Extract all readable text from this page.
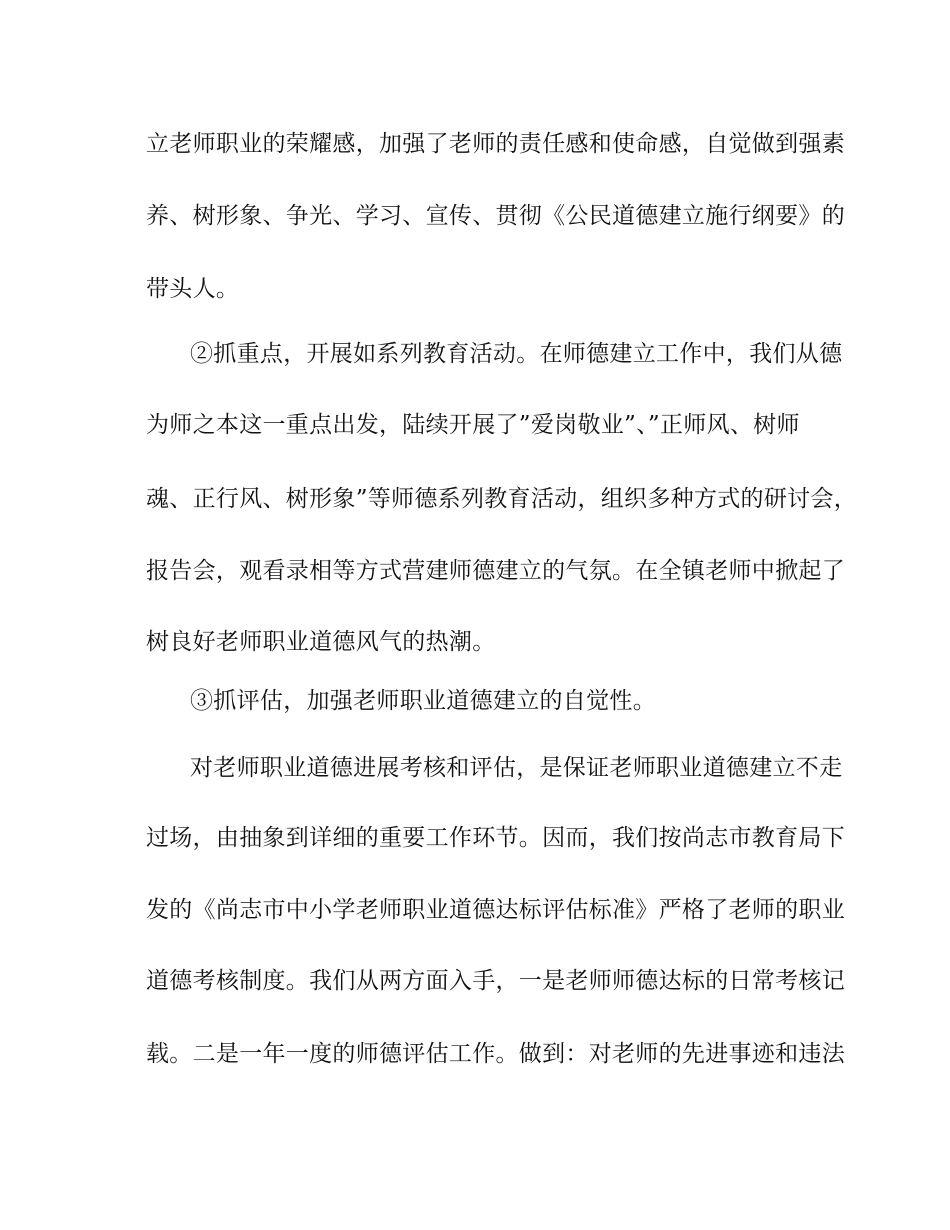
立老师职业的荣耀感，加强了老师的责任感和使命感，自觉做到强素
养、树形象、争光、学习、宣传、贯彻《公民道德建立施行纲要》的
带头人。
②抓重点，开展如系列教育活动。在师德建立工作中，我们从德
为师之本这一重点出发，陆续开展了”爱岗敬业”、”正师风、树师
魂、正行风、树形象”等师德系列教育活动，组织多种方式的研讨会，
报告会，观看录相等方式营建师德建立的气氛。在全镇老师中掀起了
树良好老师职业道德风气的热潮。
③抓评估，加强老师职业道德建立的自觉性。
对老师职业道德进展考核和评估，是保证老师职业道德建立不走
过场，由抽象到详细的重要工作环节。因而，我们按尚志市教育局下
发的《尚志市中小学老师职业道德达标评估标准》严格了老师的职业
道德考核制度。我们从两方面入手，一是老师师德达标的日常考核记
载。二是一年一度的师德评估工作。做到：对老师的先进事迹和违法
